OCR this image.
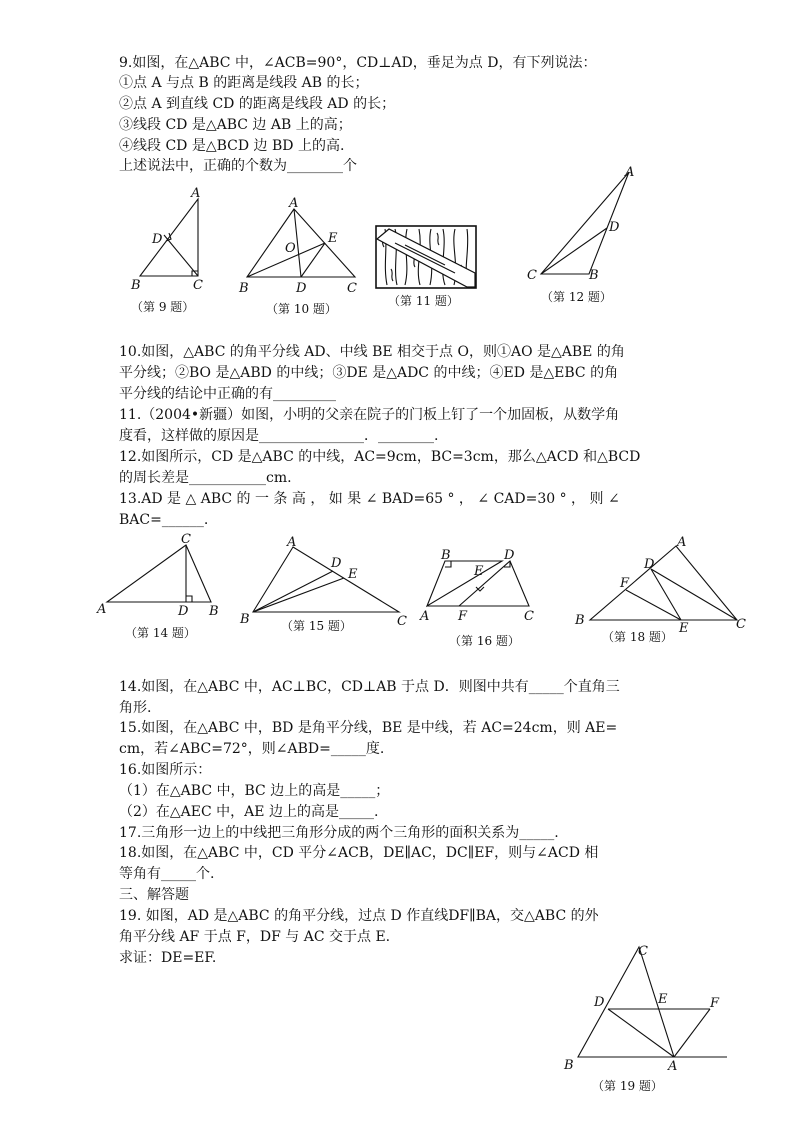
9.如图，在△ABC 中，∠ACB=90°，CD⊥AD，垂足为点 D，有下列说法：
①点 A 与点 B 的距离是线段 AB 的长；
②点 A 到直线 CD 的距离是线段 AD 的长；
③线段 CD 是△ABC 边 AB 上的高；
④线段 CD 是△BCD 边 BD 上的高.
上述说法中，正确的个数为________个
A
D
B	C
（第 9 题）
A
O
E
B	D	C
（第 10 题）
（第 11 题）
A
D
C	B
（第 12 题）
10.如图，△ABC 的角平分线 AD、中线 BE 相交于点 O，则①AO 是△ABE 的角
平分线；②BO 是△ABD 的中线；③DE 是△ADC 的中线；④ED 是△EBC 的角
平分线的结论中正确的有_________
11.（2004•新疆）如图，小明的父亲在院子的门板上钉了一个加固板，从数学角
度看，这样做的原因是_______________．________.
12.如图所示，CD 是△ABC 的中线，AC=9cm，BC=3cm，那么△ACD 和△BCD
的周长差是___________cm.
13.AD 是 △ ABC 的 一 条 高 ， 如 果 ∠ BAD=65 ° ， ∠ CAD=30 ° ， 则 ∠
BAC=______.
C
A	D B
（第 14 题）
A
D
E
B	C
（第 15 题）
B	D
E
A F	C
（第 16 题）
A
D
F
B
E	C
（第 18 题）
14.如图，在△ABC 中，AC⊥BC，CD⊥AB 于点 D．则图中共有_____个直角三
角形.
15.如图，在△ABC 中，BD 是角平分线，BE 是中线，若 AC=24cm，则 AE=
cm，若∠ABC=72°，则∠ABD=_____度.
16.如图所示：
（1）在△ABC 中，BC 边上的高是_____；
（2）在△AEC 中，AE 边上的高是_____.
17.三角形一边上的中线把三角形分成的两个三角形的面积关系为_____.
18.如图，在△ABC 中，CD 平分∠ACB，DE∥AC，DC∥EF，则与∠ACD 相
等角有_____个.
三、解答题
19. 如图，AD 是△ABC 的角平分线，过点 D 作直线DF∥BA，交△ABC 的外
角平分线 AF 于点 F，DF 与 AC 交于点 E.
求证：DE=EF.	C
D	E	F
B	A
（第 19 题）
